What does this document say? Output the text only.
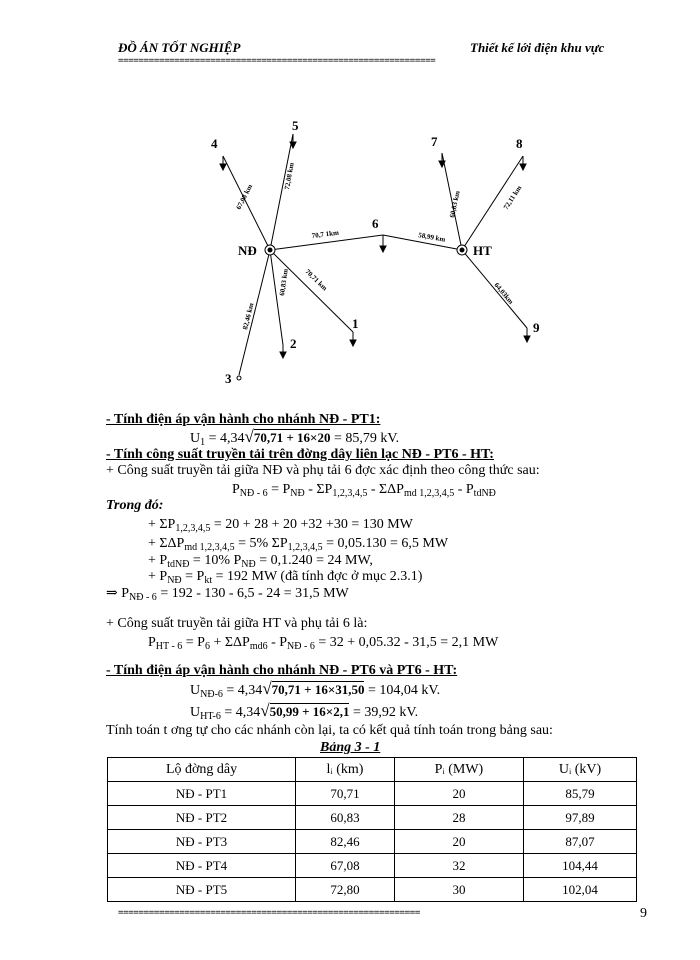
ĐỒ ÁN TỐT NGHIỆP	Thiết kế lới điện khu vực
==============================================================
4
5
7	8
6
NĐ	HT
1	9
2
3
67,08 km
72,08 km
70,7 1km
70,71 km
60,83 km
82,46 km
58,99 km
60,83 km	72,11 km
64,03km
- Tính điện áp vận hành cho nhánh NĐ - PT1:
$U_1 = 4,34√70,71 + 16\times 20 = 85,79$ kV.
- Tính công suất truyền tải trên đờng dây liên lạc NĐ - PT6 - HT:
+ Công suất truyền tải giữa NĐ và phụ tải 6 đợc xác định theo công thức sau:
$P_{NĐ - 6} = P_{NĐ} - \Sigma P_{1,2,3,4,5} - \Sigma\Delta P_{md 1,2,3,4,5} - P_{tdNĐ}$
Trong đó:
+ $\Sigma P_{1,2,3,4,5} = 20 + 28 + 20 +32 +30 = 130$ MW
+ $\Sigma\Delta P_{md 1,2,3,4,5} = 5\%$ $\Sigma P_{1,2,3,4,5} = 0,05.130 = 6,5$ MW
+ $P_{tdNĐ} = 10\%$ $P_{NĐ} = 0,1.240 = 24$ MW,
+ $P_{NĐ} = P_{kt} = 192$ MW (đã tính đợc ở mục 2.3.1)
⇒ $P_{NĐ - 6} = 192 - 130 - 6,5 - 24 = 31,5$ MW
+ Công suất truyền tải giữa HT và phụ tải 6 là:
$P_{HT - 6} = P_6 + \Sigma\Delta P_{md6} - P_{NĐ - 6} = 32 + 0,05.32 - 31,5 = 2,1$ MW
- Tính điện áp vận hành cho nhánh NĐ - PT6 và PT6 - HT:
$U_{NĐ-6} = 4,34√70,71 + 16\times 31,50 = 104,04$ kV.
$U_{HT-6} = 4,34√50,99 + 16\times 2,1 = 39,92$ kV.
Tính toán t ơng tự cho các nhánh còn lại, ta có kết quả tính toán trong bảng sau:
Bảng 3 - 1
Lộ đờng dây	lᵢ (km)	Pᵢ (MW)	Uᵢ (kV)
NĐ - PT1	70,71	20	85,79
NĐ - PT2	60,83	28	97,89
NĐ - PT3	82,46	20	87,07
NĐ - PT4	67,08	32	104,44
NĐ - PT5	72,80	30	102,04
===========================================================	9
